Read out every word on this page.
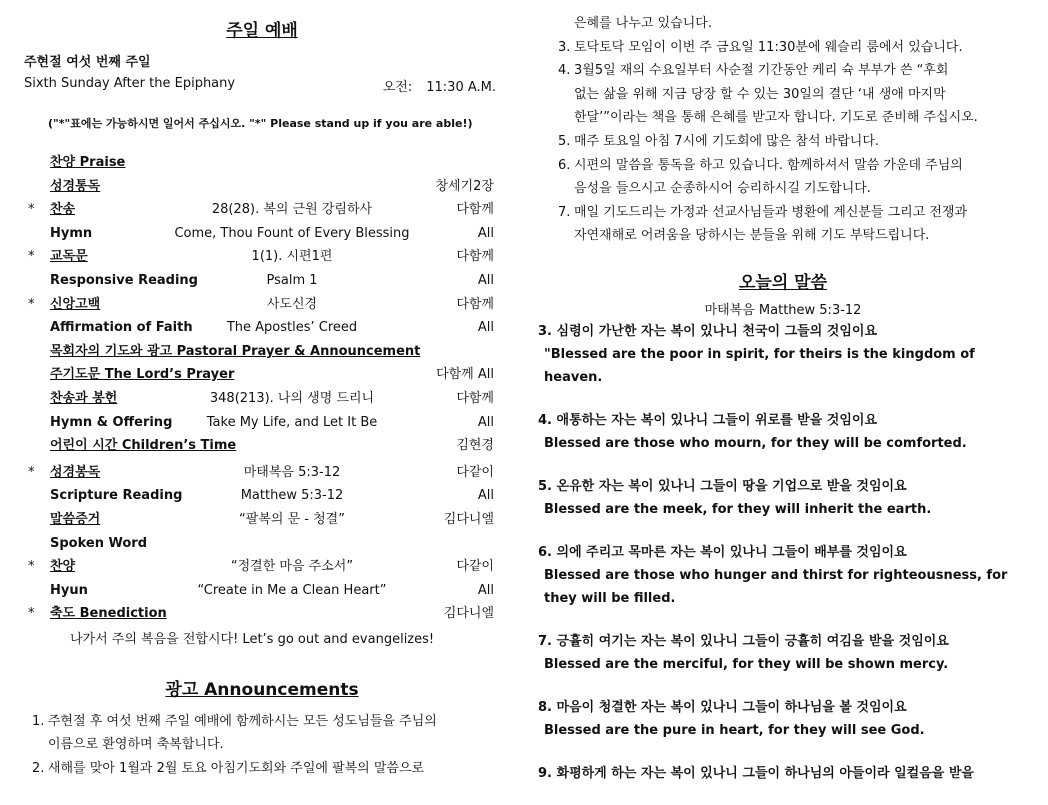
주일 예배
주현절 여섯 번째 주일
Sixth Sunday After the Epiphany	오전: 11:30 A.M.
("*"표에는 가능하시면 일어서 주십시오. "*" Please stand up if you are able!)
찬양 Praise
성경통독	창세기2장
* 찬송	28(28). 복의 근원 강림하사	다함께
Hymn	Come, Thou Fount of Every Blessing	All
* 교독문	1(1). 시편1편	다함께
Responsive Reading	Psalm 1	All
* 신앙고백	사도신경	다함께
Affirmation of Faith	The Apostles’ Creed	All
목회자의 기도와 광고 Pastoral Prayer & Announcement
주기도문 The Lord’s Prayer	다함께 All
찬송과 봉헌	348(213). 나의 생명 드리니	다함께
Hymn & Offering	Take My Life, and Let It Be	All
어린이 시간 Children’s Time	김현경
* 성경봉독	마태복음 5:3-12	다같이
Scripture Reading	Matthew 5:3-12	All
말씀증거	“팔복의 문 - 청결”	김다니엘
Spoken Word
* 찬양	“정결한 마음 주소서”	다같이
Hyun	“Create in Me a Clean Heart”	All
* 축도 Benediction	김다니엘
나가서 주의 복음을 전합시다! Let’s go out and evangelizes!
광고 Announcements
1. 주현절 후 여섯 번째 주일 예배에 함께하시는 모든 성도님들을 주님의
이름으로 환영하며 축복합니다.
2. 새해를 맞아 1월과 2월 토요 아침기도회와 주일에 팔복의 말씀으로
은혜를 나누고 있습니다.
3. 토닥토닥 모임이 이번 주 금요일 11:30분에 웨슬리 룸에서 있습니다.
4. 3월5일 재의 수요일부터 사순절 기간동안 케리 슉 부부가 쓴 “후회
없는 삶을 위해 지금 당장 할 수 있는 30일의 결단 ‘내 생애 마지막
한달’”이라는 책을 통해 은혜를 받고자 합니다. 기도로 준비해 주십시오.
5. 매주 토요일 아침 7시에 기도회에 많은 참석 바랍니다.
6. 시편의 말씀을 통독을 하고 있습니다. 함께하셔서 말씀 가운데 주님의
음성을 들으시고 순종하시어 승리하시길 기도합니다.
7. 매일 기도드리는 가정과 선교사님들과 병환에 계신분들 그리고 전쟁과
자연재해로 어려움을 당하시는 분들을 위해 기도 부탁드립니다.
오늘의 말씀
마태복음 Matthew 5:3-12
3. 심령이 가난한 자는 복이 있나니 천국이 그들의 것임이요
"Blessed are the poor in spirit, for theirs is the kingdom of heaven.
4. 애통하는 자는 복이 있나니 그들이 위로를 받을 것임이요
Blessed are those who mourn, for they will be comforted.
5. 온유한 자는 복이 있나니 그들이 땅을 기업으로 받을 것임이요
Blessed are the meek, for they will inherit the earth.
6. 의에 주리고 목마른 자는 복이 있나니 그들이 배부를 것임이요
Blessed are those who hunger and thirst for righteousness, for they will be filled.
7. 긍휼히 여기는 자는 복이 있나니 그들이 긍휼히 여김을 받을 것임이요
Blessed are the merciful, for they will be shown mercy.
8. 마음이 청결한 자는 복이 있나니 그들이 하나님을 볼 것임이요
Blessed are the pure in heart, for they will see God.
9. 화평하게 하는 자는 복이 있나니 그들이 하나님의 아들이라 일컬음을 받을
